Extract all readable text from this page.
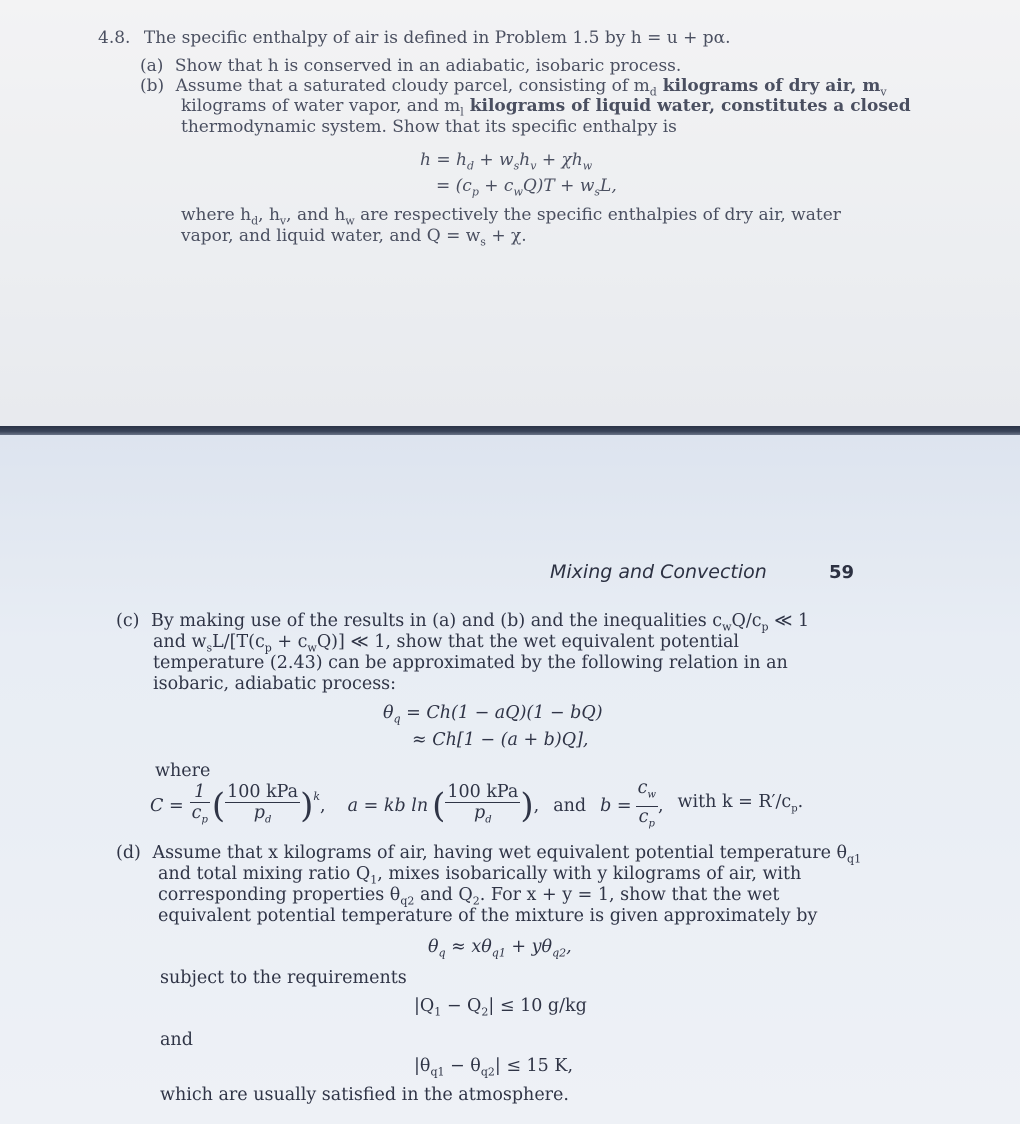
4.8. The specific enthalpy of air is defined in Problem 1.5 by h = u + pα.
(a) Show that h is conserved in an adiabatic, isobaric process.
(b) Assume that a saturated cloudy parcel, consisting of $m_d$ kilograms of dry air, $m_v$
kilograms of water vapor, and $m_l$ kilograms of liquid water, constitutes a closed
thermodynamic system. Show that its specific enthalpy is
$h = h_d + w_sh_v + \chi h_w$
= $(c_p + c_wQ)T + w_sL$,
where $h_d$, $h_v$, and $h_w$ are respectively the specific enthalpies of dry air, water
vapor, and liquid water, and $Q = w_s + \chi$.
Mixing and Convection	59
(c) By making use of the results in (a) and (b) and the inequalities $c_wQ/c_p$ ≪ 1
and $w_sL/[T(c_p + c_wQ)]$ ≪ 1, show that the wet equivalent potential
temperature (2.43) can be approximated by the following relation in an
isobaric, adiabatic process:
$\theta_q = Ch(1 - aQ)(1 - bQ)$
≈ Ch[1 − (a + b)Q],
where
$C = \frac{1}{c_p}$ ( $\frac{\text{100 kPa}}{p_d} )^k$ , a = kb ln ( $\frac{\text{100 kPa}}{p_d}$ ) , and $b = \frac{c_w}{c_p}$ , with $k = R'/c_p$.
(d) Assume that x kilograms of air, having wet equivalent potential temperature $\theta_{q1}$
and total mixing ratio $Q_1$, mixes isobarically with y kilograms of air, with
corresponding properties $\theta_{q2}$ and $Q_2$. For x + y = 1, show that the wet
equivalent potential temperature of the mixture is given approximately by
$\theta_q \approx x\theta_{q1} + y\theta_{q2}$,
subject to the requirements
$|Q_1 - Q_2| \le 10$ g/kg
and
$|\theta_{q1} - \theta_{q2}| \le 15$ K,
which are usually satisfied in the atmosphere.
